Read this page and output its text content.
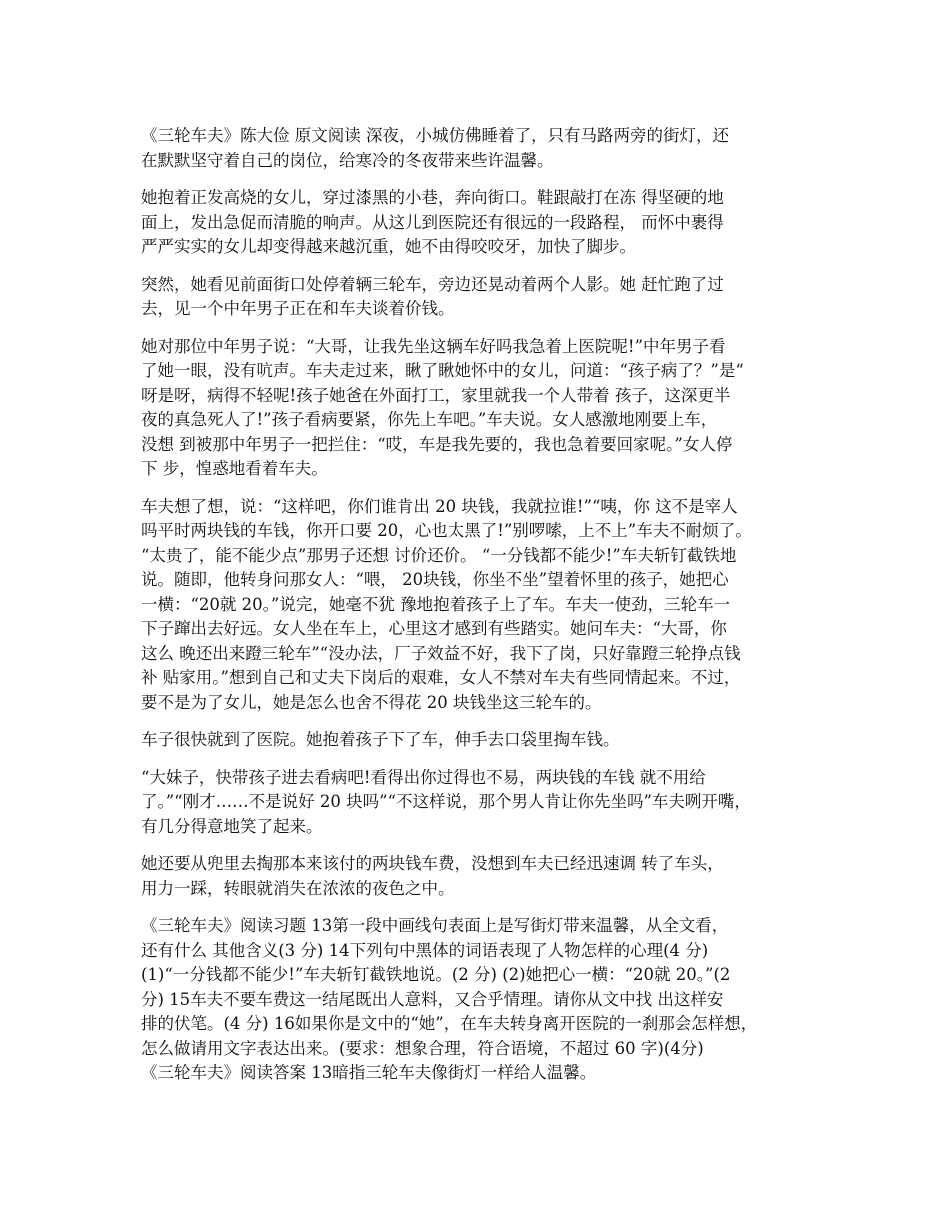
《三轮车夫》陈大俭 原文阅读 深夜，小城仿佛睡着了，只有马路两旁的街灯，还
在默默坚守着自己的岗位，给寒冷的冬夜带来些许温馨。
她抱着正发高烧的女儿，穿过漆黑的小巷，奔向街口。鞋跟敲打在冻 得坚硬的地
面上，发出急促而清脆的响声。从这儿到医院还有很远的一段路程， 而怀中裹得
严严实实的女儿却变得越来越沉重，她不由得咬咬牙，加快了脚步。
突然，她看见前面街口处停着辆三轮车，旁边还晃动着两个人影。她 赶忙跑了过
去，见一个中年男子正在和车夫谈着价钱。
她对那位中年男子说：“大哥，让我先坐这辆车好吗我急着上医院呢!”中年男子看
了她一眼，没有吭声。车夫走过来，瞅了瞅她怀中的女儿，问道：“孩子病了？”是“
呀是呀，病得不轻呢!孩子她爸在外面打工，家里就我一个人带着 孩子，这深更半
夜的真急死人了!”孩子看病要紧，你先上车吧。”车夫说。女人感激地刚要上车，
没想 到被那中年男子一把拦住：“哎，车是我先要的，我也急着要回家呢。”女人停
下 步，惶惑地看着车夫。
车夫想了想，说：“这样吧，你们谁肯出 20 块钱，我就拉谁!”“咦，你 这不是宰人
吗平时两块钱的车钱，你开口要 20，心也太黑了!”别啰嗦，上不上”车夫不耐烦了。
“太贵了，能不能少点”那男子还想 讨价还价。 “一分钱都不能少!”车夫斩钉截铁地
说。随即，他转身问那女人：“喂， 20块钱，你坐不坐”望着怀里的孩子，她把心
一横：“20就 20。”说完，她毫不犹 豫地抱着孩子上了车。车夫一使劲，三轮车一
下子蹿出去好远。女人坐在车上，心里这才感到有些踏实。她问车夫：“大哥，你
这么 晚还出来蹬三轮车”“没办法，厂子效益不好，我下了岗，只好靠蹬三轮挣点钱
补 贴家用。”想到自己和丈夫下岗后的艰难，女人不禁对车夫有些同情起来。不过，
要不是为了女儿，她是怎么也舍不得花 20 块钱坐这三轮车的。
车子很快就到了医院。她抱着孩子下了车，伸手去口袋里掏车钱。
“大妹子，快带孩子进去看病吧!看得出你过得也不易，两块钱的车钱 就不用给
了。”“刚才……不是说好 20 块吗”“不这样说，那个男人肯让你先坐吗”车夫咧开嘴，
有几分得意地笑了起来。
她还要从兜里去掏那本来该付的两块钱车费，没想到车夫已经迅速调 转了车头，
用力一踩，转眼就消失在浓浓的夜色之中。
《三轮车夫》阅读习题 13第一段中画线句表面上是写街灯带来温馨，从全文看，
还有什么 其他含义(3 分) 14下列句中黑体的词语表现了人物怎样的心理(4 分)
(1)“一分钱都不能少!”车夫斩钉截铁地说。(2 分) (2)她把心一横：“20就 20。”(2
分) 15车夫不要车费这一结尾既出人意料，又合乎情理。请你从文中找 出这样安
排的伏笔。(4 分) 16如果你是文中的“她”，在车夫转身离开医院的一刹那会怎样想，
怎么做请用文字表达出来。(要求：想象合理，符合语境，不超过 60 字)(4分)
《三轮车夫》阅读答案 13暗指三轮车夫像街灯一样给人温馨。
